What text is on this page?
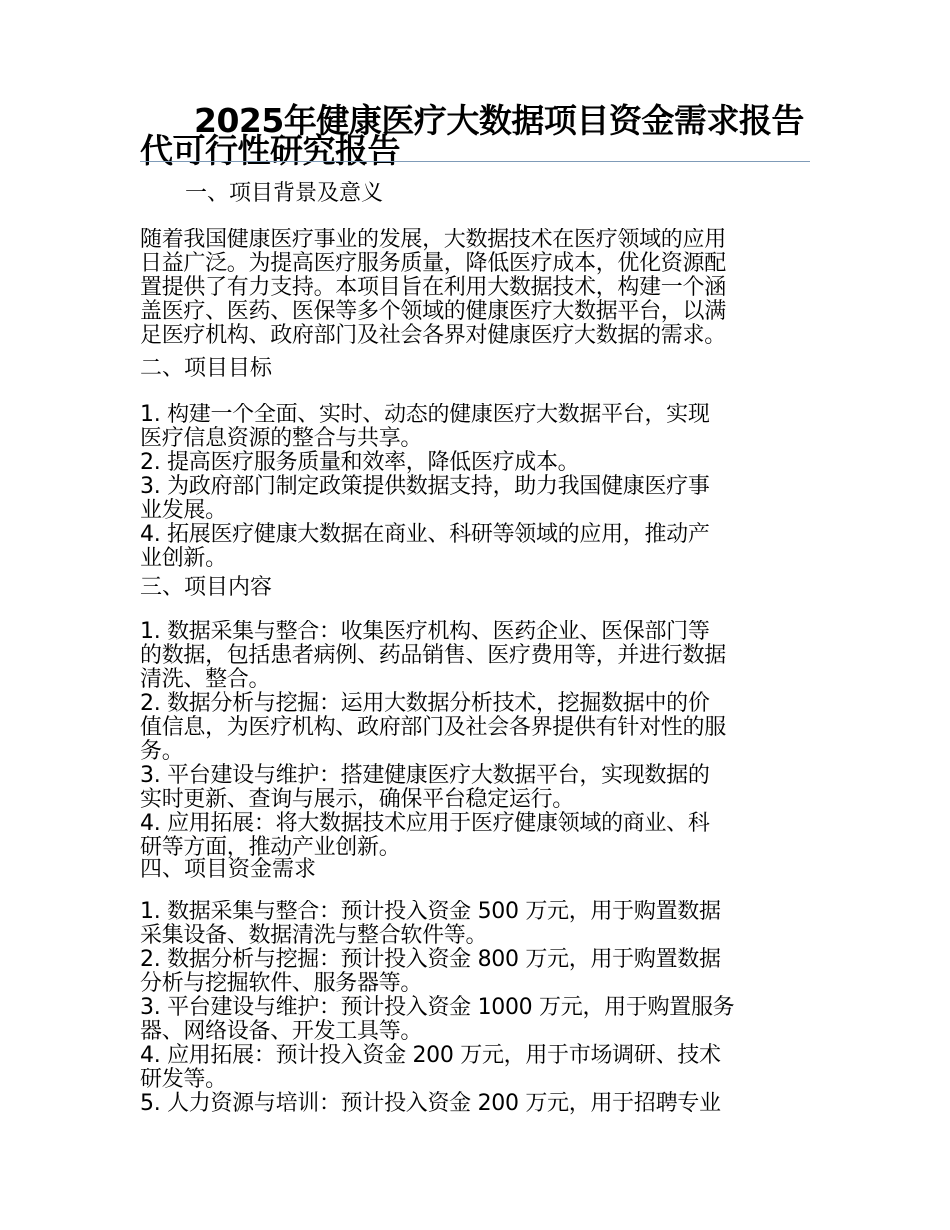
2025年健康医疗大数据项目资金需求报告代可行性研究报告
一、项目背景及意义
随着我国健康医疗事业的发展，大数据技术在医疗领域的应用
日益广泛。为提高医疗服务质量，降低医疗成本，优化资源配
置提供了有力支持。本项目旨在利用大数据技术，构建一个涵
盖医疗、医药、医保等多个领域的健康医疗大数据平台，以满
足医疗机构、政府部门及社会各界对健康医疗大数据的需求。
二、项目目标
1. 构建一个全面、实时、动态的健康医疗大数据平台，实现
医疗信息资源的整合与共享。
2. 提高医疗服务质量和效率，降低医疗成本。
3. 为政府部门制定政策提供数据支持，助力我国健康医疗事
业发展。
4. 拓展医疗健康大数据在商业、科研等领域的应用，推动产
业创新。
三、项目内容
1. 数据采集与整合：收集医疗机构、医药企业、医保部门等
的数据，包括患者病例、药品销售、医疗费用等，并进行数据
清洗、整合。
2. 数据分析与挖掘：运用大数据分析技术，挖掘数据中的价
值信息，为医疗机构、政府部门及社会各界提供有针对性的服
务。
3. 平台建设与维护：搭建健康医疗大数据平台，实现数据的
实时更新、查询与展示，确保平台稳定运行。
4. 应用拓展：将大数据技术应用于医疗健康领域的商业、科
研等方面，推动产业创新。
四、项目资金需求
1. 数据采集与整合：预计投入资金 500 万元，用于购置数据
采集设备、数据清洗与整合软件等。
2. 数据分析与挖掘：预计投入资金 800 万元，用于购置数据
分析与挖掘软件、服务器等。
3. 平台建设与维护：预计投入资金 1000 万元，用于购置服务
器、网络设备、开发工具等。
4. 应用拓展：预计投入资金 200 万元，用于市场调研、技术
研发等。
5. 人力资源与培训：预计投入资金 200 万元，用于招聘专业
